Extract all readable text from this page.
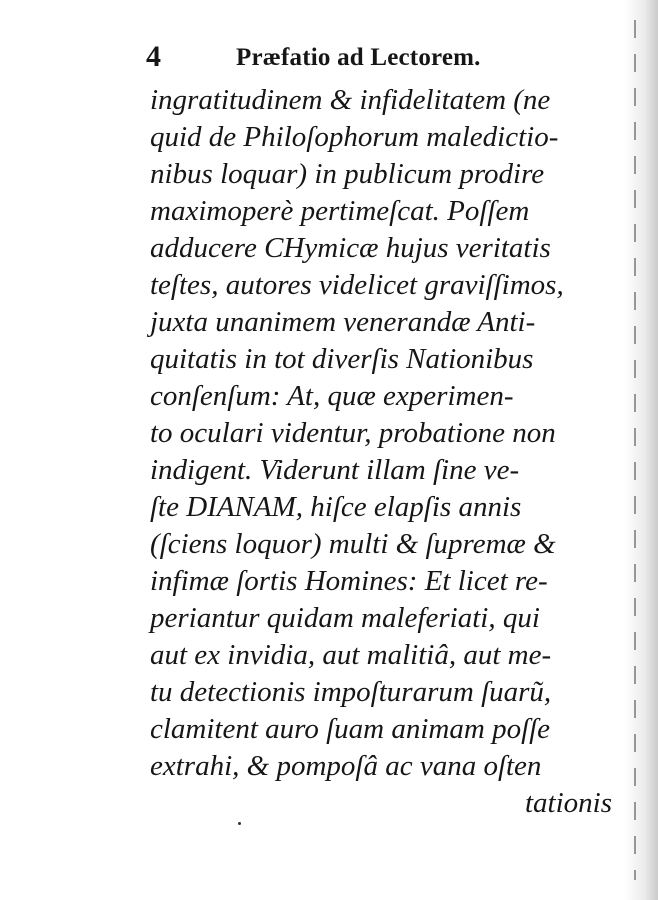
4	Præfatio ad Lectorem.
ingratitudinem & infidelitatem (ne
quid de Philoſophorum maledictio-
nibus loquar) in publicum prodire
maximoperè pertimeſcat. Poſſem
adducere CHymicæ hujus veritatis
teſtes, autores videlicet graviſſimos,
juxta unanimem venerandæ Anti-
quitatis in tot diverſis Nationibus
conſenſum: At, quæ experimen-
to oculari videntur, probatione non
indigent. Viderunt illam ſine ve-
ſte DIANAM, hiſce elapſis annis
(ſciens loquor) multi & ſupremæ &
infimæ ſortis Homines: Et licet re-
periantur quidam maleferiati, qui
aut ex invidia, aut malitiâ, aut me-
tu detectionis impoſturarum ſuarũ,
clamitent auro ſuam animam poſſe
extrahi, & pompoſâ ac vana oſten
tationis
